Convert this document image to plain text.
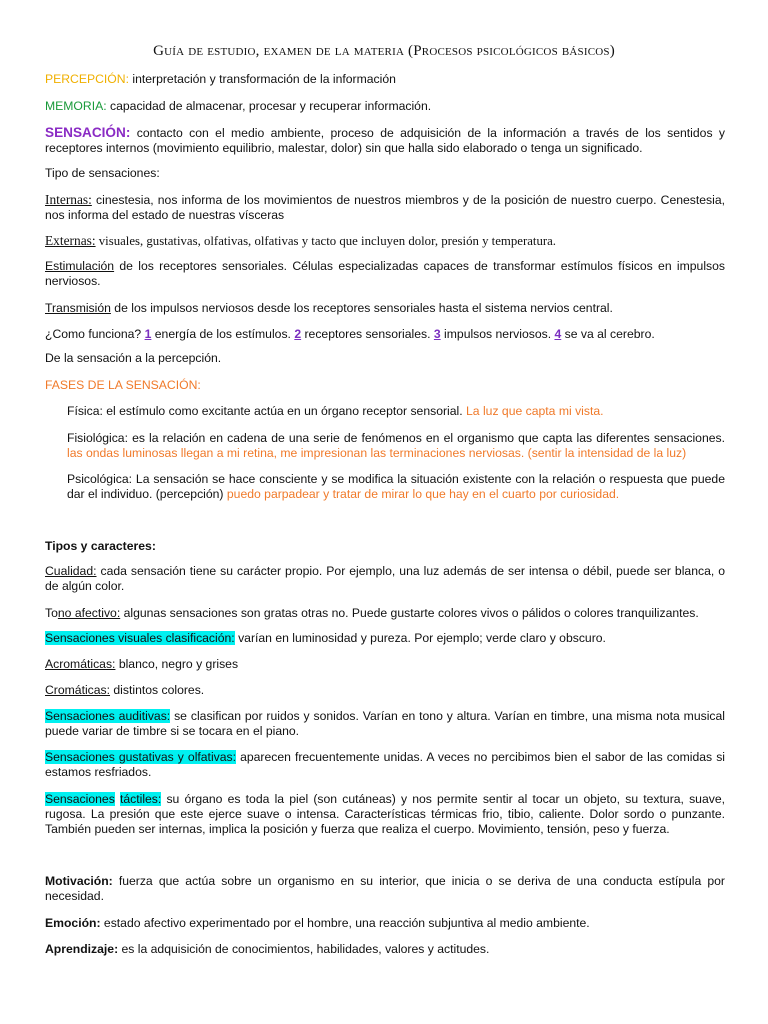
Guía de estudio, examen de la materia (Procesos psicológicos básicos)
PERCEPCIÓN: interpretación y transformación de la información
MEMORIA: capacidad de almacenar, procesar y recuperar información.
SENSACIÓN: contacto con el medio ambiente, proceso de adquisición de la información a través de los sentidos y receptores internos (movimiento equilibrio, malestar, dolor) sin que halla sido elaborado o tenga un significado.
Tipo de sensaciones:
Internas: cinestesia, nos informa de los movimientos de nuestros miembros y de la posición de nuestro cuerpo. Cenestesia, nos informa del estado de nuestras vísceras
Externas: visuales, gustativas, olfativas, olfativas y tacto que incluyen dolor, presión y temperatura.
Estimulación de los receptores sensoriales. Células especializadas capaces de transformar estímulos físicos en impulsos nerviosos.
Transmisión de los impulsos nerviosos desde los receptores sensoriales hasta el sistema nervios central.
¿Como funciona? 1 energía de los estímulos. 2 receptores sensoriales. 3 impulsos nerviosos. 4 se va al cerebro.
De la sensación a la percepción.
FASES DE LA SENSACIÓN:
Física: el estímulo como excitante actúa en un órgano receptor sensorial. La luz que capta mi vista.
Fisiológica: es la relación en cadena de una serie de fenómenos en el organismo que capta las diferentes sensaciones. las ondas luminosas llegan a mi retina, me impresionan las terminaciones nerviosas. (sentir la intensidad de la luz)
Psicológica: La sensación se hace consciente y se modifica la situación existente con la relación o respuesta que puede dar el individuo. (percepción) puedo parpadear y tratar de mirar lo que hay en el cuarto por curiosidad.
Tipos y caracteres:
Cualidad: cada sensación tiene su carácter propio. Por ejemplo, una luz además de ser intensa o débil, puede ser blanca, o de algún color.
Tono afectivo: algunas sensaciones son gratas otras no. Puede gustarte colores vivos o pálidos o colores tranquilizantes.
Sensaciones visuales clasificación: varían en luminosidad y pureza. Por ejemplo; verde claro y obscuro.
Acromáticas: blanco, negro y grises
Cromáticas: distintos colores.
Sensaciones auditivas: se clasifican por ruidos y sonidos. Varían en tono y altura. Varían en timbre, una misma nota musical puede variar de timbre si se tocara en el piano.
Sensaciones gustativas y olfativas: aparecen frecuentemente unidas. A veces no percibimos bien el sabor de las comidas si estamos resfriados.
Sensaciones táctiles: su órgano es toda la piel (son cutáneas) y nos permite sentir al tocar un objeto, su textura, suave, rugosa. La presión que este ejerce suave o intensa. Características térmicas frio, tibio, caliente. Dolor sordo o punzante. También pueden ser internas, implica la posición y fuerza que realiza el cuerpo. Movimiento, tensión, peso y fuerza.
Motivación: fuerza que actúa sobre un organismo en su interior, que inicia o se deriva de una conducta estípula por necesidad.
Emoción: estado afectivo experimentado por el hombre, una reacción subjuntiva al medio ambiente.
Aprendizaje: es la adquisición de conocimientos, habilidades, valores y actitudes.
